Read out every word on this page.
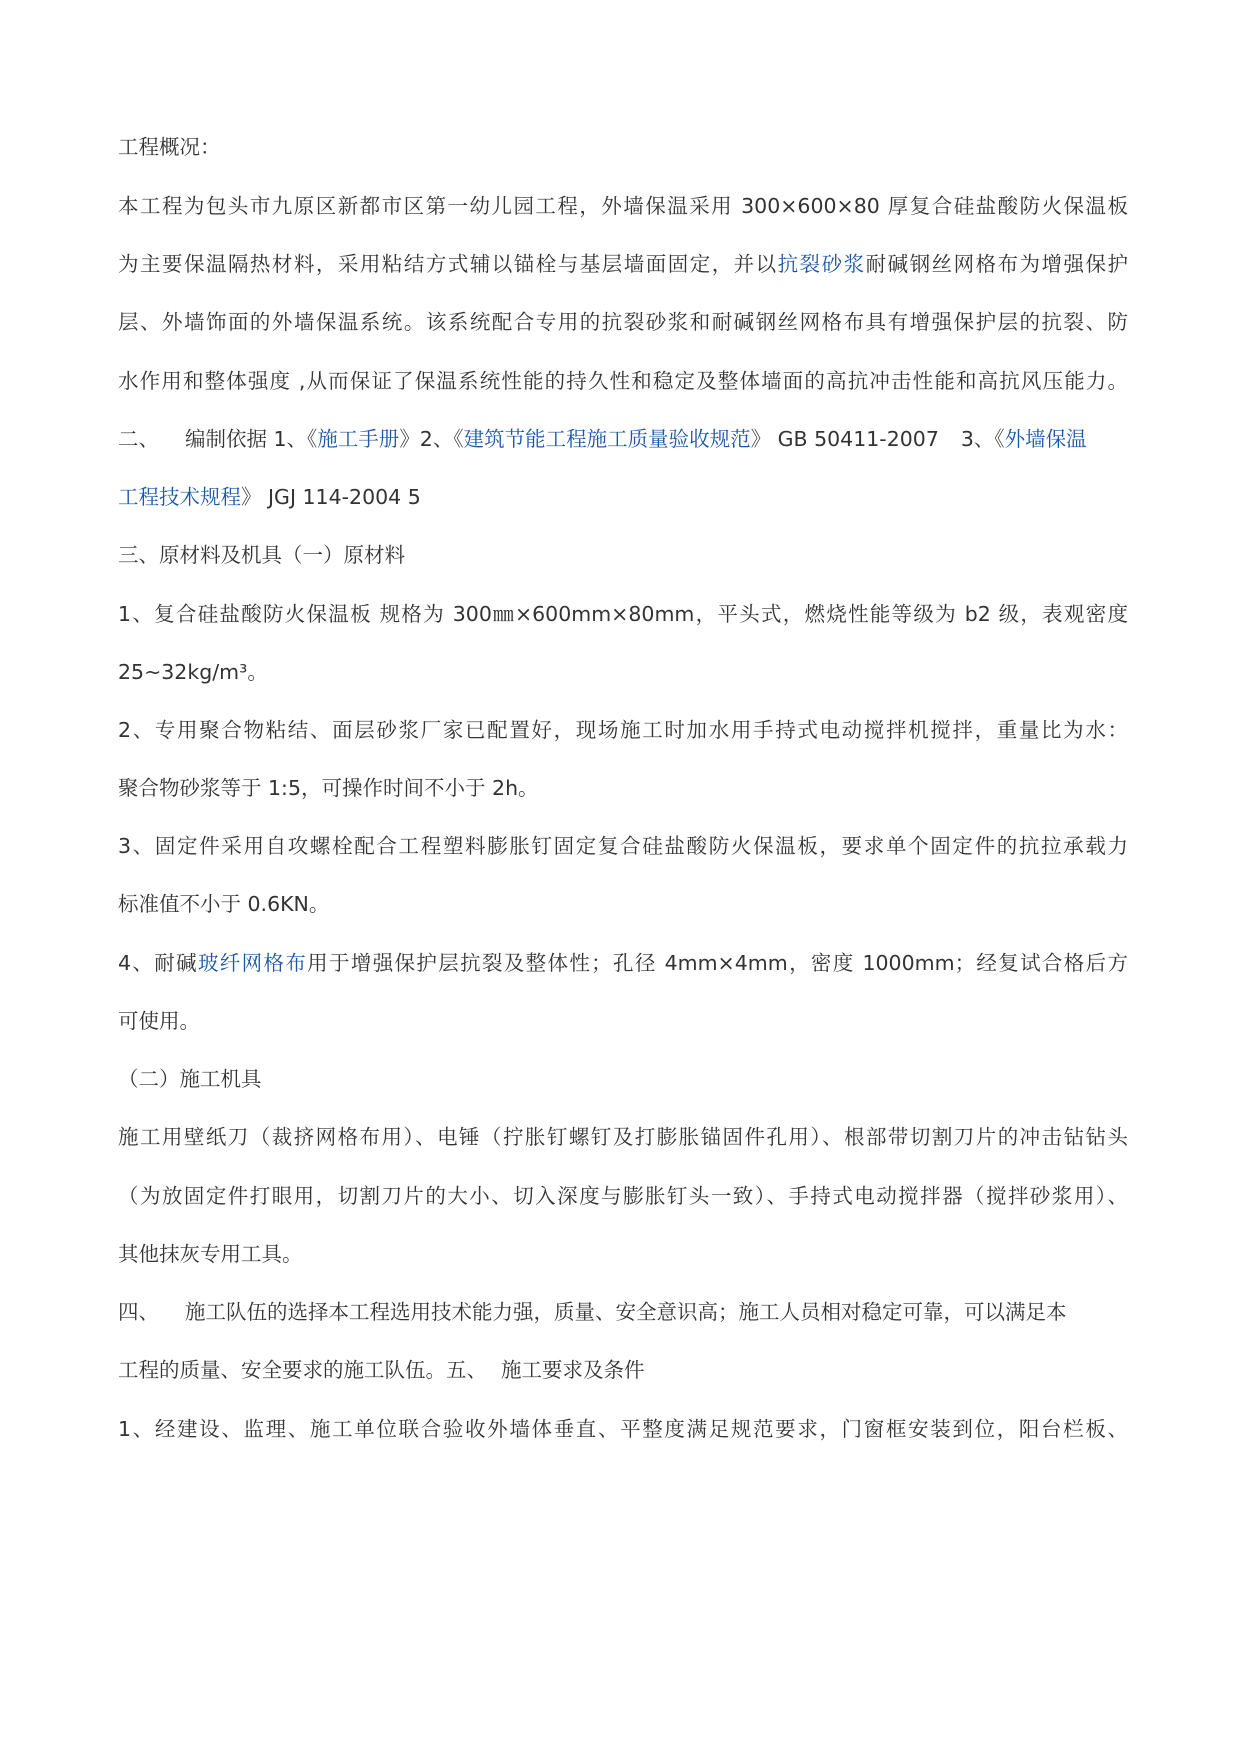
工程概况：
本工程为包头市九原区新都市区第一幼儿园工程，外墙保温采用 300×600×80 厚复合硅盐酸防火保温板
为主要保温隔热材料，采用粘结方式辅以锚栓与基层墙面固定，并以抗裂砂浆耐碱钢丝网格布为增强保护
层、外墙饰面的外墙保温系统。该系统配合专用的抗裂砂浆和耐碱钢丝网格布具有增强保护层的抗裂、防
水作用和整体强度 ,从而保证了保温系统性能的持久性和稳定及整体墙面的高抗冲击性能和高抗风压能力。
二、 编制依据 1、《施工手册》2、《建筑节能工程施工质量验收规范》 GB 50411-2007 3、《外墙保温
工程技术规程》 JGJ 114-2004 5
三、原材料及机具（一）原材料
1、复合硅盐酸防火保温板 规格为 300㎜×600mm×80mm，平头式，燃烧性能等级为 b2 级，表观密度
25~32kg/m³。
2、专用聚合物粘结、面层砂浆厂家已配置好，现场施工时加水用手持式电动搅拌机搅拌，重量比为水：
聚合物砂浆等于 1:5，可操作时间不小于 2h。
3、固定件采用自攻螺栓配合工程塑料膨胀钉固定复合硅盐酸防火保温板，要求单个固定件的抗拉承载力
标准值不小于 0.6KN。
4、耐碱玻纤网格布用于增强保护层抗裂及整体性；孔径 4mm×4mm，密度 1000mm；经复试合格后方
可使用。
（二）施工机具
施工用壁纸刀（裁挤网格布用）、电锤（拧胀钉螺钉及打膨胀锚固件孔用）、根部带切割刀片的冲击钻钻头
（为放固定件打眼用，切割刀片的大小、切入深度与膨胀钉头一致）、手持式电动搅拌器（搅拌砂浆用）、
其他抹灰专用工具。
四、 施工队伍的选择本工程选用技术能力强，质量、安全意识高；施工人员相对稳定可靠，可以满足本
工程的质量、安全要求的施工队伍。五、 施工要求及条件
1、经建设、监理、施工单位联合验收外墙体垂直、平整度满足规范要求，门窗框安装到位，阳台栏板、
